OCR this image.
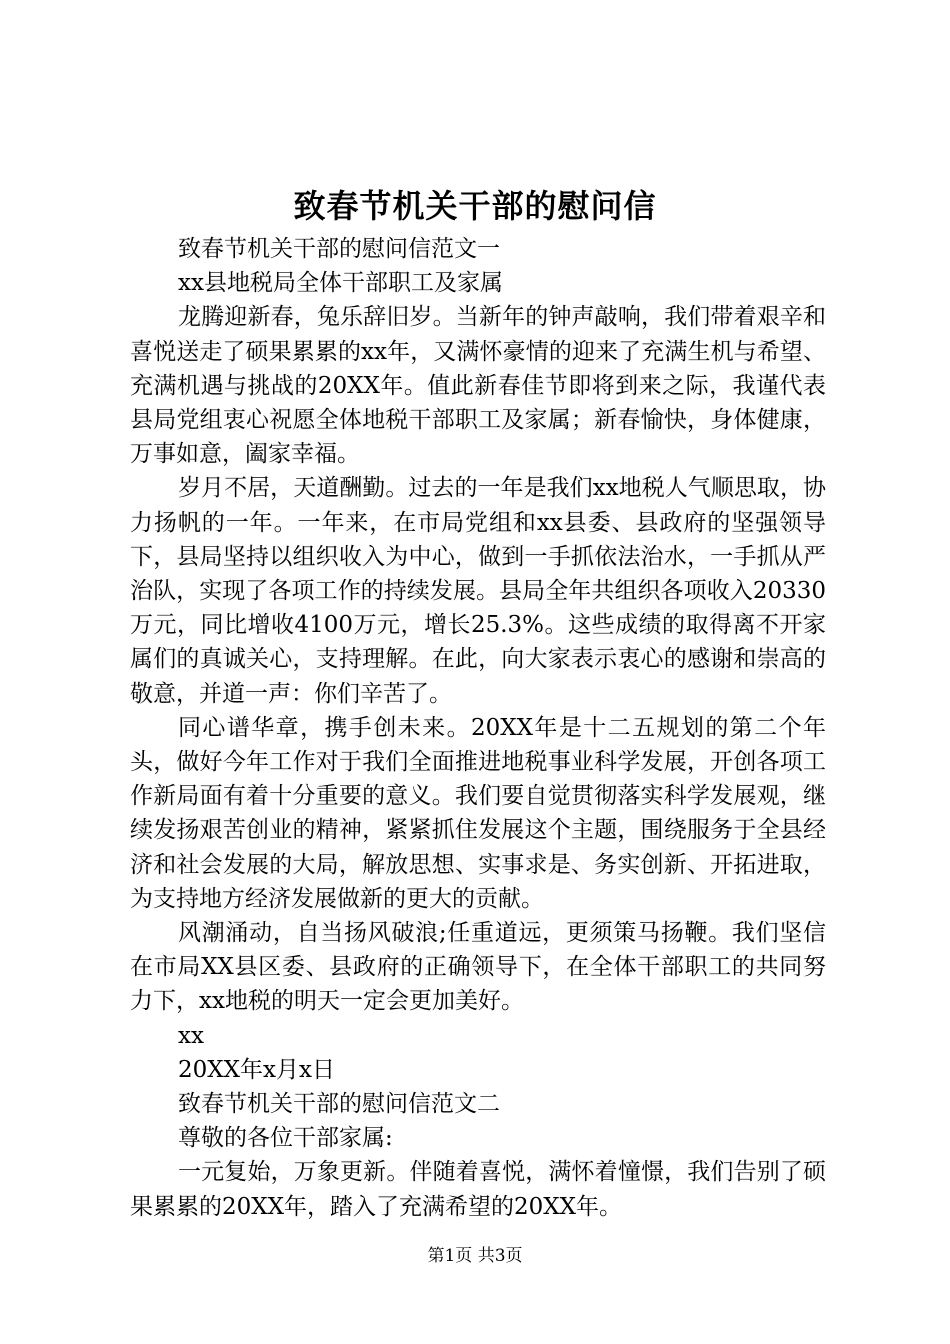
致春节机关干部的慰问信

致春节机关干部的慰问信范文一

xx县地税局全体干部职工及家属

龙腾迎新春，兔乐辞旧岁。当新年的钟声敲响，我们带着艰辛和喜悦送走了硕果累累的xx年，又满怀豪情的迎来了充满生机与希望、充满机遇与挑战的20XX年。值此新春佳节即将到来之际，我谨代表县局党组衷心祝愿全体地税干部职工及家属；新春愉快，身体健康，万事如意，阖家幸福。

岁月不居，天道酬勤。过去的一年是我们xx地税人气顺思取，协力扬帆的一年。一年来，在市局党组和xx县委、县政府的坚强领导下，县局坚持以组织收入为中心，做到一手抓依法治水，一手抓从严治队，实现了各项工作的持续发展。县局全年共组织各项收入20330万元，同比增收4100万元，增长25.3%。这些成绩的取得离不开家属们的真诚关心，支持理解。在此，向大家表示衷心的感谢和崇高的敬意，并道一声：你们辛苦了。

同心谱华章，携手创未来。20XX年是十二五规划的第二个年头，做好今年工作对于我们全面推进地税事业科学发展，开创各项工作新局面有着十分重要的意义。我们要自觉贯彻落实科学发展观，继续发扬艰苦创业的精神，紧紧抓住发展这个主题，围绕服务于全县经济和社会发展的大局，解放思想、实事求是、务实创新、开拓进取，为支持地方经济发展做新的更大的贡献。

风潮涌动，自当扬风破浪;任重道远，更须策马扬鞭。我们坚信在市局XX县区委、县政府的正确领导下，在全体干部职工的共同努力下，xx地税的明天一定会更加美好。

xx

20XX年x月x日

致春节机关干部的慰问信范文二

尊敬的各位干部家属:

一元复始，万象更新。伴随着喜悦，满怀着憧憬，我们告别了硕果累累的20XX年，踏入了充满希望的20XX年。

第1页 共3页
